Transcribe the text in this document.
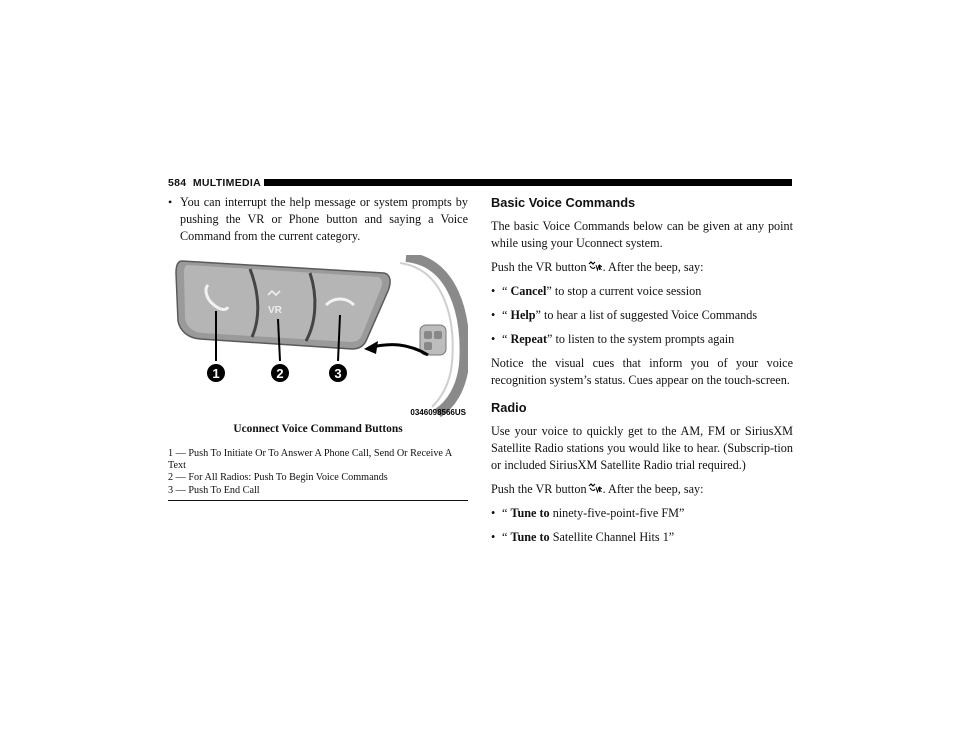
584 MULTIMEDIA
• You can interrupt the help message or system prompts by pushing the VR or Phone button and saying a Voice Command from the current category.
VR
1	2	3
0346098566US
Uconnect Voice Command Buttons
1 — Push To Initiate Or To Answer A Phone Call, Send Or Receive A Text
2 — For All Radios: Push To Begin Voice Commands
3 — Push To End Call
Basic Voice Commands

The basic Voice Commands below can be given at any point while using your Uconnect system.

Push the VR button . After the beep, say:

• “ Cancel” to stop a current voice session
• “ Help” to hear a list of suggested Voice Commands
• “ Repeat” to listen to the system prompts again

Notice the visual cues that inform you of your voice recognition system’s status. Cues appear on the touch-screen.

Radio

Use your voice to quickly get to the AM, FM or SiriusXM Satellite Radio stations you would like to hear. (Subscrip-tion or included SiriusXM Satellite Radio trial required.)

Push the VR button . After the beep, say:

• “ Tune to ninety-five-point-five FM”
• “ Tune to Satellite Channel Hits 1”
